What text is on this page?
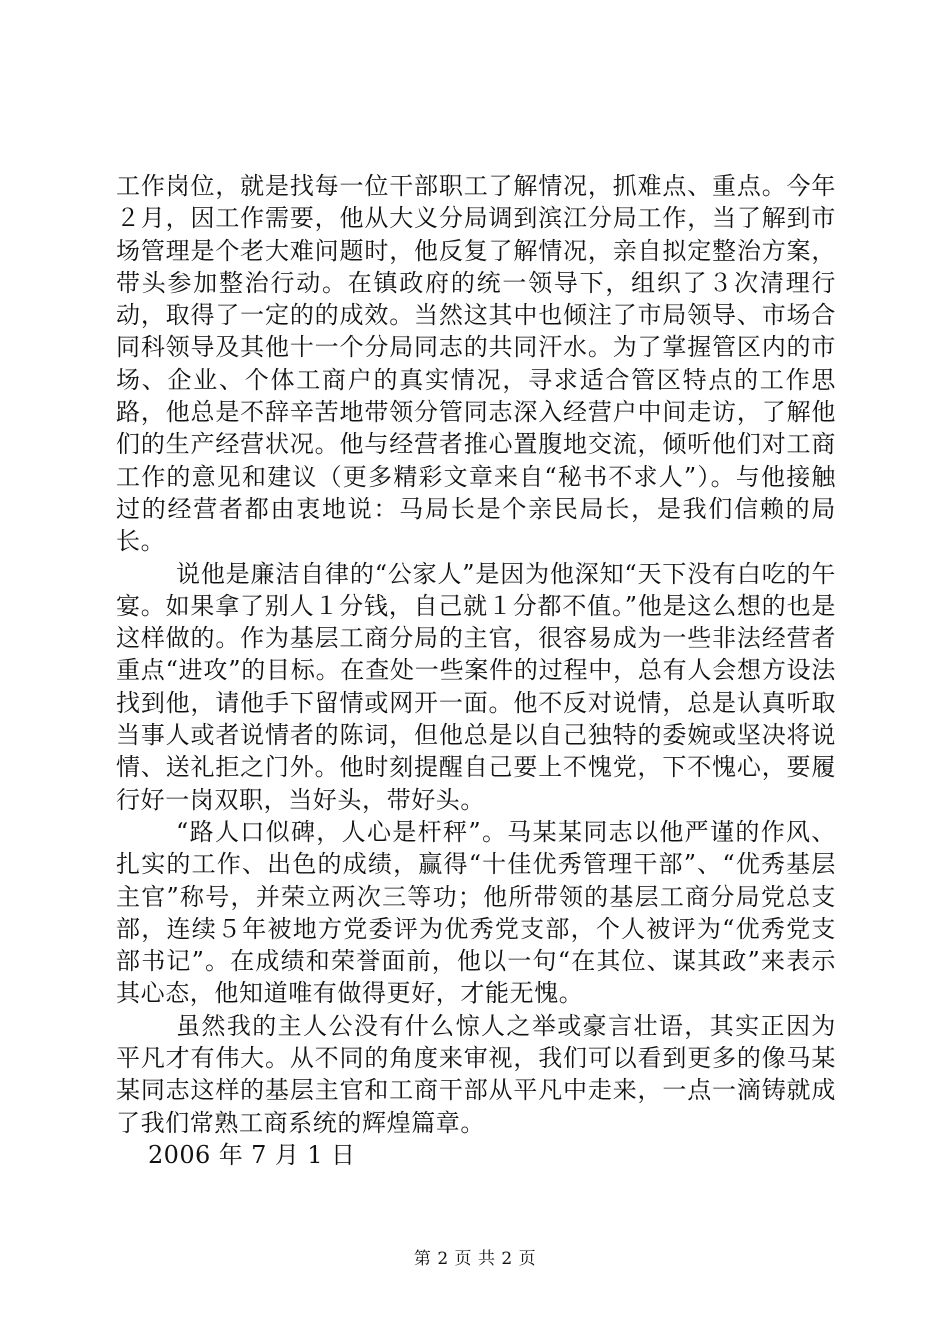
工作岗位，就是找每一位干部职工了解情况，抓难点、重点。今年２月，因工作需要，他从大义分局调到滨江分局工作，当了解到市场管理是个老大难问题时，他反复了解情况，亲自拟定整治方案，带头参加整治行动。在镇政府的统一领导下，组织了３次清理行动，取得了一定的的成效。当然这其中也倾注了市局领导、市场合同科领导及其他十一个分局同志的共同汗水。为了掌握管区内的市场、企业、个体工商户的真实情况，寻求适合管区特点的工作思路，他总是不辞辛苦地带领分管同志深入经营户中间走访，了解他们的生产经营状况。他与经营者推心置腹地交流，倾听他们对工商工作的意见和建议（更多精彩文章来自“秘书不求人”）。与他接触过的经营者都由衷地说：马局长是个亲民局长，是我们信赖的局长。

说他是廉洁自律的“公家人”是因为他深知“天下没有白吃的午宴。如果拿了别人１分钱，自己就１分都不值。”他是这么想的也是这样做的。作为基层工商分局的主官，很容易成为一些非法经营者重点“进攻”的目标。在查处一些案件的过程中，总有人会想方设法找到他，请他手下留情或网开一面。他不反对说情，总是认真听取当事人或者说情者的陈词，但他总是以自己独特的委婉或坚决将说情、送礼拒之门外。他时刻提醒自己要上不愧党，下不愧心，要履行好一岗双职，当好头，带好头。

“路人口似碑，人心是杆秤”。马某某同志以他严谨的作风、扎实的工作、出色的成绩，赢得“十佳优秀管理干部”、“优秀基层主官”称号，并荣立两次三等功；他所带领的基层工商分局党总支部，连续５年被地方党委评为优秀党支部，个人被评为“优秀党支部书记”。在成绩和荣誉面前，他以一句“在其位、谋其政”来表示其心态，他知道唯有做得更好，才能无愧。

虽然我的主人公没有什么惊人之举或豪言壮语，其实正因为平凡才有伟大。从不同的角度来审视，我们可以看到更多的像马某某同志这样的基层主官和工商干部从平凡中走来，一点一滴铸就成了我们常熟工商系统的辉煌篇章。

2006 年 7 月 1 日

第 2 页 共 2 页
